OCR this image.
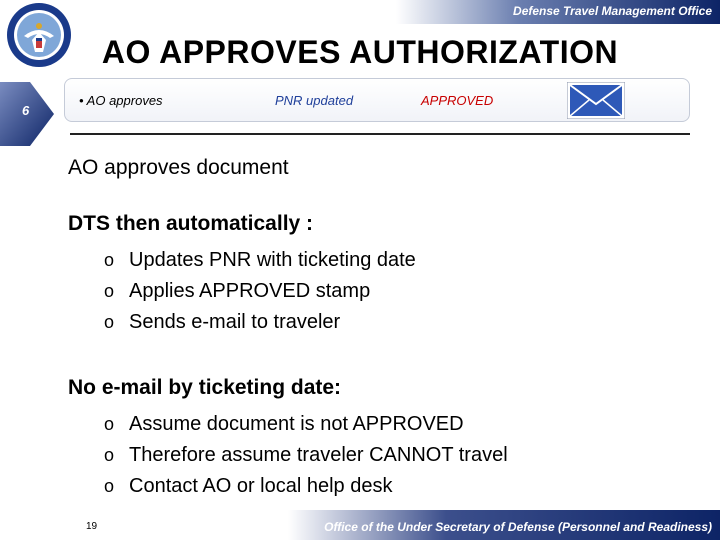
Defense Travel Management Office
AO APPROVES AUTHORIZATION
6
• AO approves	PNR updated	APPROVED
AO approves document
DTS then automatically :
o Updates PNR with ticketing date
o Applies APPROVED stamp
o Sends e-mail to traveler
No e-mail by ticketing date:
o Assume document is not APPROVED
o Therefore assume traveler CANNOT travel
o Contact AO or local help desk
19	Office of the Under Secretary of Defense (Personnel and Readiness)
